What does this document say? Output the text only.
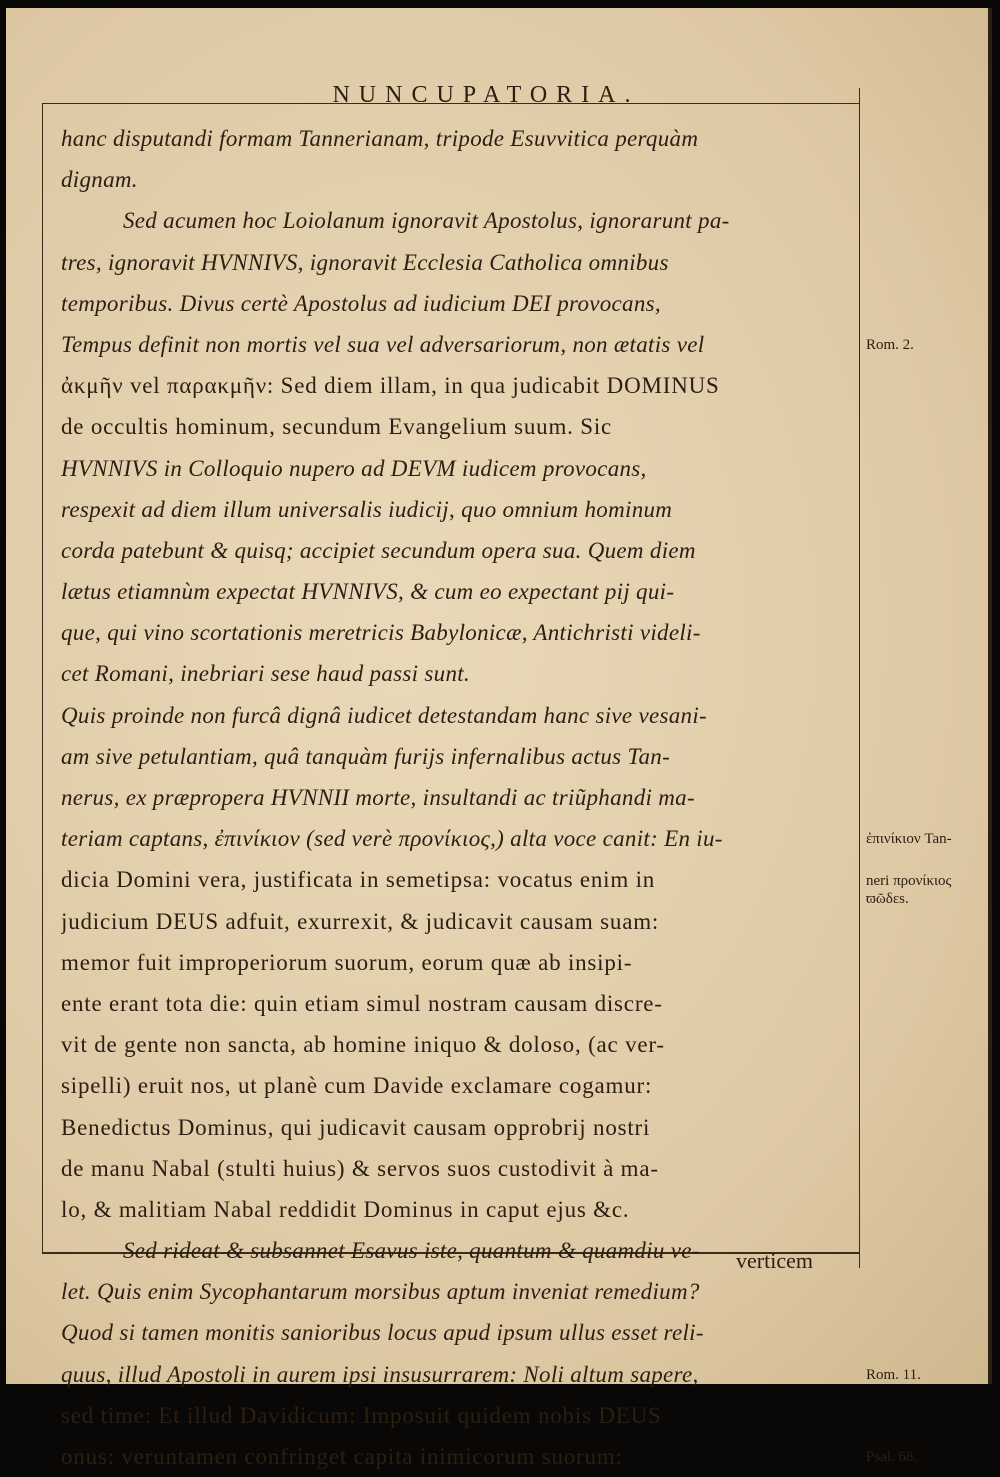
NUNCUPATORIA.
hanc disputandi formam Tannerianam, tripode Esuvvitica perquàm
dignam.
Sed acumen hoc Loiolanum ignoravit Apostolus, ignorarunt pa-
tres, ignoravit HVNNIVS, ignoravit Ecclesia Catholica omnibus
temporibus. Divus certè Apostolus ad iudicium DEI provocans,
Tempus definit non mortis vel sua vel adversariorum, non ætatis vel
ἀκμῆν vel παρακμῆν: Sed diem illam, in qua judicabit DOMINUS
de occultis hominum, secundum Evangelium suum. Sic
HVNNIVS in Colloquio nupero ad DEVM iudicem provocans,
respexit ad diem illum universalis iudicij, quo omnium hominum
corda patebunt & quisq; accipiet secundum opera sua. Quem diem
lætus etiamnùm expectat HVNNIVS, & cum eo expectant pij qui-
que, qui vino scortationis meretricis Babylonicæ, Antichristi videli-
cet Romani, inebriari sese haud passi sunt.
Quis proinde non furcâ dignâ iudicet detestandam hanc sive vesani-
am sive petulantiam, quâ tanquàm furijs infernalibus actus Tan-
nerus, ex præpropera HVNNII morte, insultandi ac triũphandi ma-
teriam captans, ἐπινίκιον (sed verè προνίκιος,) alta voce canit: En iu-
dicia Domini vera, justificata in semetipsa: vocatus enim in
judicium DEUS adfuit, exurrexit, & judicavit causam suam:
memor fuit improperiorum suorum, eorum quæ ab insipi-
ente erant tota die: quin etiam simul nostram causam discre-
vit de gente non sancta, ab homine iniquo & doloso, (ac ver-
sipelli) eruit nos, ut planè cum Davide exclamare cogamur:
Benedictus Dominus, qui judicavit causam opprobrij nostri
de manu Nabal (stulti huius) & servos suos custodivit à ma-
lo, & malitiam Nabal reddidit Dominus in caput ejus &c.
Sed rideat & subsannet Esavus iste, quantum & quamdiu ve-
let. Quis enim Sycophantarum morsibus aptum inveniat remedium?
Quod si tamen monitis sanioribus locus apud ipsum ullus esset reli-
quus, illud Apostoli in aurem ipsi insusurrarem: Noli altum sapere,
sed time: Et illud Davidicum: Imposuit quidem nobis DEUS
onus: veruntamen confringet capita inimicorum suorum:
Rom. 2.
ἐπινίκιον Tan-
neri προνίκιος
ϖῶδεs.
Rom. 11.
Psal. 68.
verticem
